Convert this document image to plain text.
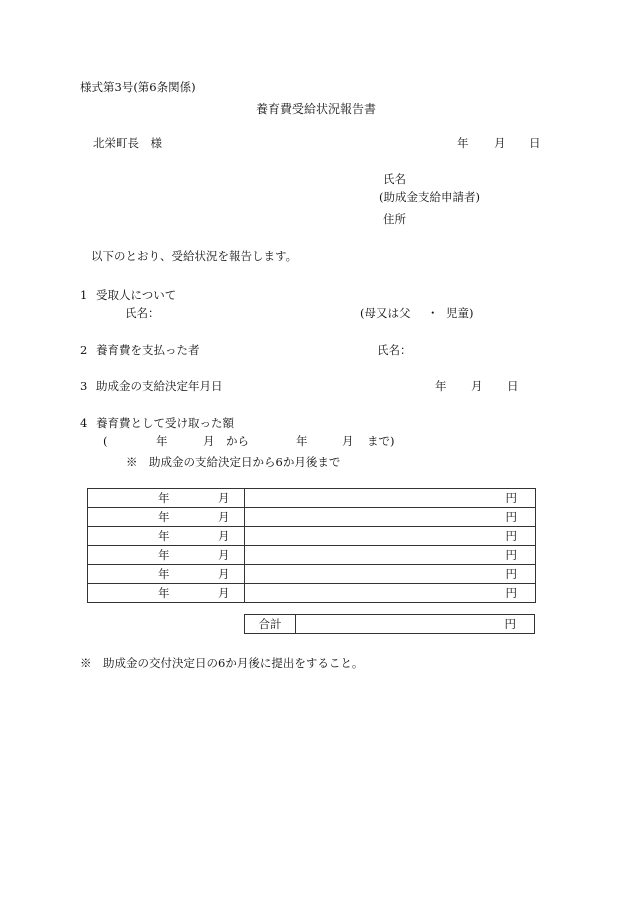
様式第3号(第6条関係)
養育費受給状況報告書
北栄町長　様	年 月 日
氏名
(助成金支給申請者)
住所
以下のとおり、受給状況を報告します。
1 受取人について
氏名：	(母又は父 ・ 児童)
2 養育費を支払った者	氏名：
3 助成金の支給決定年月日	年 月 日
4 養育費として受け取った額
(	年	月 から	年	月 まで)
※　助成金の支給決定日から6か月後まで
年 月	円

年 月	円

年 月	円

年 月	円

年 月	円

年 月	円
合計	円
※　助成金の交付決定日の6か月後に提出をすること。
